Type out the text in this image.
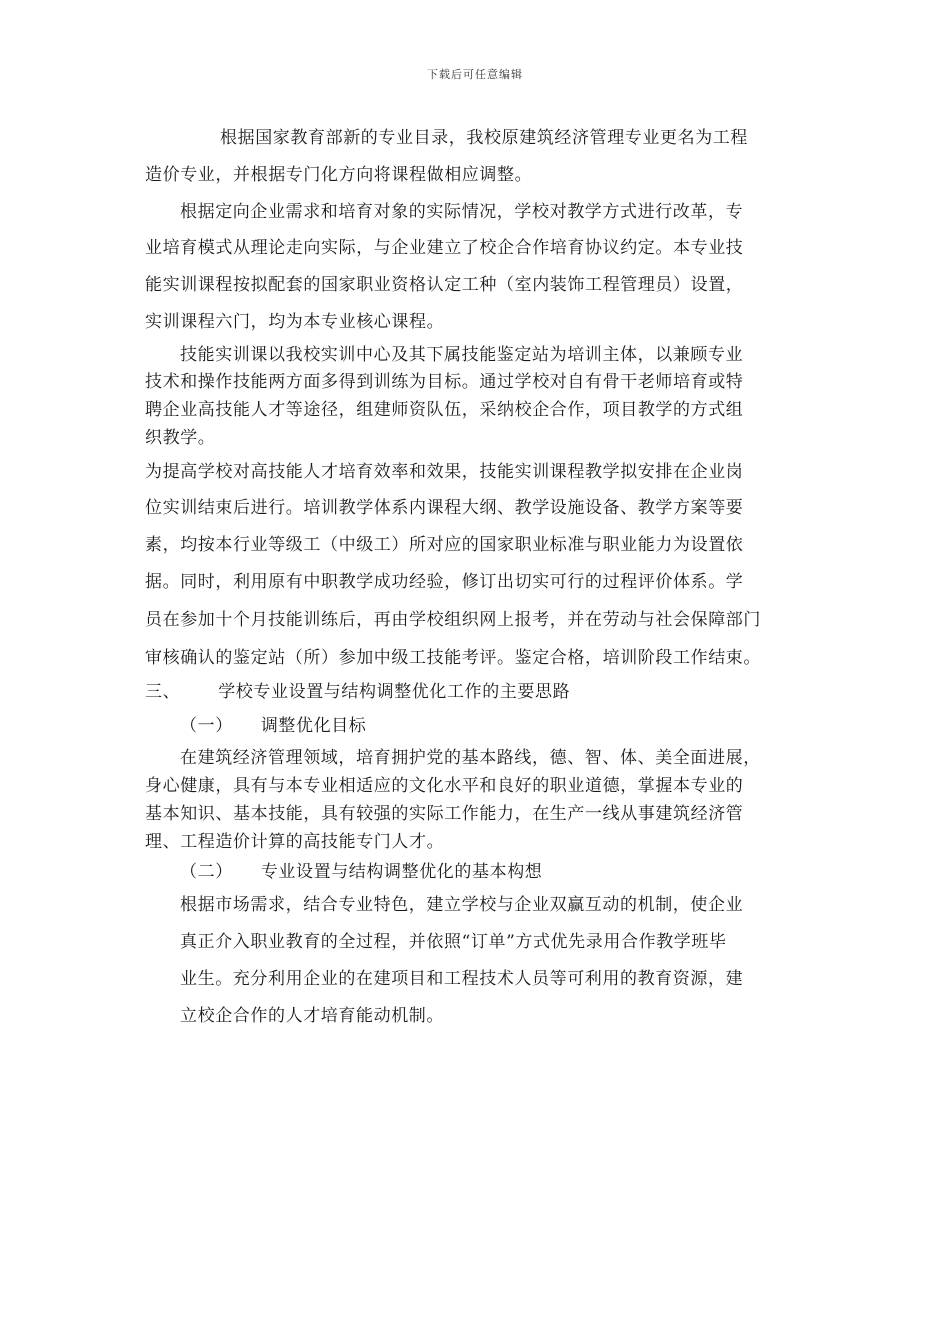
下载后可任意编辑
根据国家教育部新的专业目录，我校原建筑经济管理专业更名为工程
造价专业，并根据专门化方向将课程做相应调整。
根据定向企业需求和培育对象的实际情况，学校对教学方式进行改革，专
业培育模式从理论走向实际，与企业建立了校企合作培育协议约定。本专业技
能实训课程按拟配套的国家职业资格认定工种（室内装饰工程管理员）设置，
实训课程六门，均为本专业核心课程。
技能实训课以我校实训中心及其下属技能鉴定站为培训主体，以兼顾专业
技术和操作技能两方面多得到训练为目标。通过学校对自有骨干老师培育或特
聘企业高技能人才等途径，组建师资队伍，采纳校企合作，项目教学的方式组
织教学。
为提高学校对高技能人才培育效率和效果，技能实训课程教学拟安排在企业岗
位实训结束后进行。培训教学体系内课程大纲、教学设施设备、教学方案等要
素，均按本行业等级工（中级工）所对应的国家职业标准与职业能力为设置依
据。同时，利用原有中职教学成功经验，修订出切实可行的过程评价体系。学
员在参加十个月技能训练后，再由学校组织网上报考，并在劳动与社会保障部门
审核确认的鉴定站（所）参加中级工技能考评。鉴定合格，培训阶段工作结束。
三、 学校专业设置与结构调整优化工作的主要思路
（一） 调整优化目标
在建筑经济管理领域，培育拥护党的基本路线，德、智、体、美全面进展，
身心健康，具有与本专业相适应的文化水平和良好的职业道德，掌握本专业的
基本知识、基本技能，具有较强的实际工作能力，在生产一线从事建筑经济管
理、工程造价计算的高技能专门人才。
（二） 专业设置与结构调整优化的基本构想
根据市场需求，结合专业特色，建立学校与企业双赢互动的机制，使企业
真正介入职业教育的全过程，并依照“订单”方式优先录用合作教学班毕
业生。充分利用企业的在建项目和工程技术人员等可利用的教育资源，建
立校企合作的人才培育能动机制。
